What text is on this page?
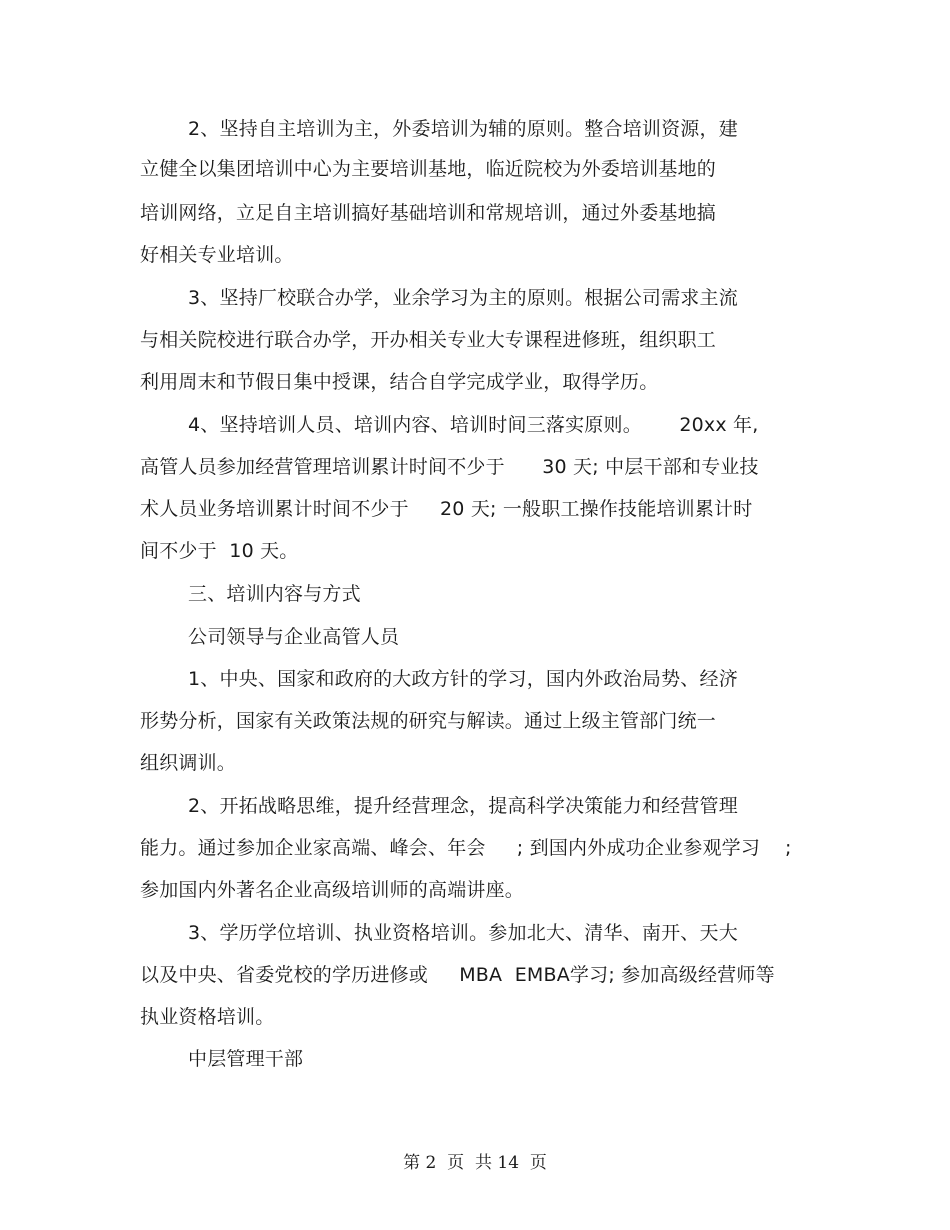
2、坚持自主培训为主，外委培训为辅的原则。整合培训资源，建
立健全以集团培训中心为主要培训基地，临近院校为外委培训基地的
培训网络，立足自主培训搞好基础培训和常规培训，通过外委基地搞
好相关专业培训。
3、坚持厂校联合办学，业余学习为主的原则。根据公司需求主流
与相关院校进行联合办学，开办相关专业大专课程进修班，组织职工
利用周末和节假日集中授课，结合自学完成学业，取得学历。
4、坚持培训人员、培训内容、培训时间三落实原则。      20xx 年,
高管人员参加经营管理培训累计时间不少于      30 天; 中层干部和专业技
术人员业务培训累计时间不少于     20 天; 一般职工操作技能培训累计时
间不少于  10 天。
三、培训内容与方式
公司领导与企业高管人员
1、中央、国家和政府的大政方针的学习，国内外政治局势、经济
形势分析，国家有关政策法规的研究与解读。通过上级主管部门统一
组织调训。
2、开拓战略思维，提升经营理念，提高科学决策能力和经营管理
能力。通过参加企业家高端、峰会、年会     ; 到国内外成功企业参观学习    ;
参加国内外著名企业高级培训师的高端讲座。
3、学历学位培训、执业资格培训。参加北大、清华、南开、天大
以及中央、省委党校的学历进修或     MBA  EMBA学习; 参加高级经营师等
执业资格培训。
中层管理干部
第 2  页  共 14  页
